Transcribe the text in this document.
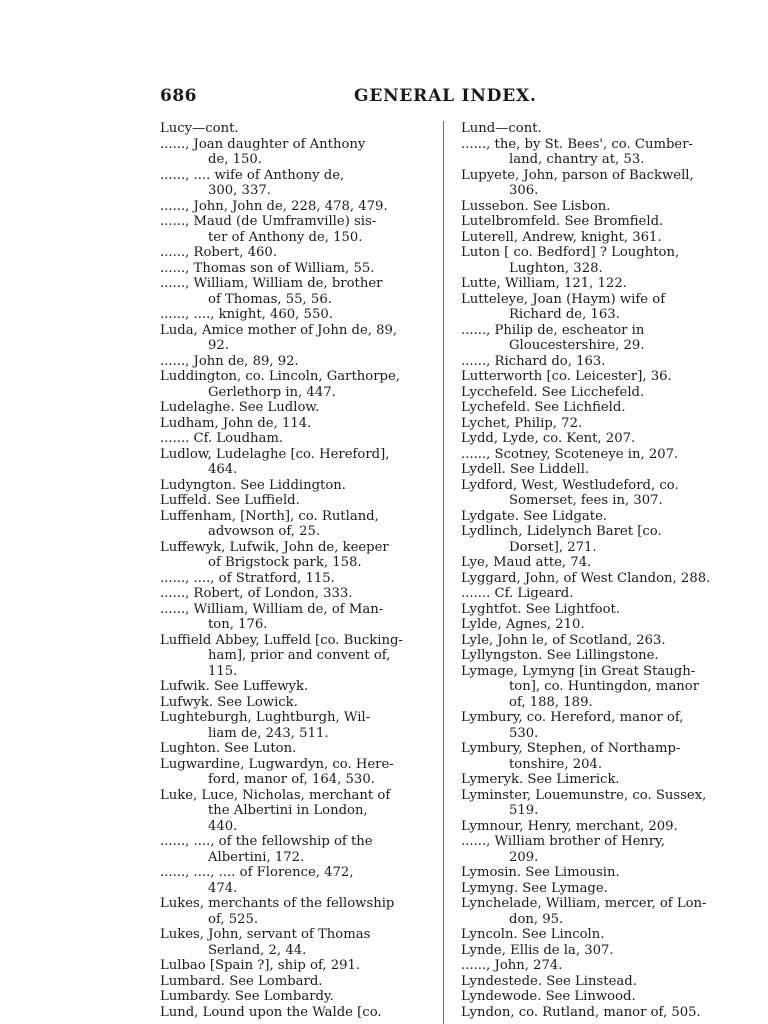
686	GENERAL INDEX.

Lucy—cont.

......, Joan daughter of Anthony
de, 150.

......, .... wife of Anthony de,
300, 337.

......, John, John de, 228, 478, 479.

......, Maud (de Umframville) sis-
ter of Anthony de, 150.

......, Robert, 460.

......, Thomas son of William, 55.

......, William, William de, brother
of Thomas, 55, 56.

......, ...., knight, 460, 550.

Luda, Amice mother of John de, 89,
92.

......, John de, 89, 92.

Luddington, co. Lincoln, Garthorpe,
Gerlethorp in, 447.

Ludelaghe. See Ludlow.

Ludham, John de, 114.

....... Cf. Loudham.

Ludlow, Ludelaghe [co. Hereford],
464.

Ludyngton. See Liddington.

Luffeld. See Luffield.

Luffenham, [North], co. Rutland,
advowson of, 25.

Luffewyk, Lufwik, John de, keeper
of Brigstock park, 158.

......, ...., of Stratford, 115.

......, Robert, of London, 333.

......, William, William de, of Man-
ton, 176.

Luffield Abbey, Luffeld [co. Bucking-
ham], prior and convent of,
115.

Lufwik. See Luffewyk.

Lufwyk. See Lowick.

Lughteburgh, Lughtburgh, Wil-
liam de, 243, 511.

Lughton. See Luton.

Lugwardine, Lugwardyn, co. Here-
ford, manor of, 164, 530.

Luke, Luce, Nicholas, merchant of
the Albertini in London,
440.

......, ...., of the fellowship of the
Albertini, 172.

......, ...., .... of Florence, 472,
474.

Lukes, merchants of the fellowship
of, 525.

Lukes, John, servant of Thomas
Serland, 2, 44.

Lulbao [Spain ?], ship of, 291.

Lumbard. See Lombard.

Lumbardy. See Lombardy.

Lund, Lound upon the Walde [co.

Lund—cont.

......, the, by St. Bees', co. Cumber-
land, chantry at, 53.

Lupyete, John, parson of Backwell,
306.

Lussebon. See Lisbon.

Lutelbromfeld. See Bromfield.

Luterell, Andrew, knight, 361.

Luton [ co. Bedford] ? Loughton,
Lughton, 328.

Lutte, William, 121, 122.

Lutteleye, Joan (Haym) wife of
Richard de, 163.

......, Philip de, escheator in
Gloucestershire, 29.

......, Richard do, 163.

Lutterworth [co. Leicester], 36.

Lycchefeld. See Licchefeld.

Lychefeld. See Lichfield.

Lychet, Philip, 72.

Lydd, Lyde, co. Kent, 207.

......, Scotney, Scoteneye in, 207.

Lydell. See Liddell.

Lydford, West, Westludeford, co.
Somerset, fees in, 307.

Lydgate. See Lidgate.

Lydlinch, Lidelynch Baret [co.
Dorset], 271.

Lye, Maud atte, 74.

Lyggard, John, of West Clandon, 288.

....... Cf. Ligeard.

Lyghtfot. See Lightfoot.

Lylde, Agnes, 210.

Lyle, John le, of Scotland, 263.

Lyllyngston. See Lillingstone.

Lymage, Lymyng [in Great Staugh-
ton], co. Huntingdon, manor
of, 188, 189.

Lymbury, co. Hereford, manor of,
530.

Lymbury, Stephen, of Northamp-
tonshire, 204.

Lymeryk. See Limerick.

Lyminster, Louemunstre, co. Sussex,
519.

Lymnour, Henry, merchant, 209.

......, William brother of Henry,
209.

Lymosin. See Limousin.

Lymyng. See Lymage.

Lynchelade, William, mercer, of Lon-
don, 95.

Lyncoln. See Lincoln.

Lynde, Ellis de la, 307.

......, John, 274.

Lyndestede. See Linstead.

Lyndewode. See Linwood.

Lyndon, co. Rutland, manor of, 505.
